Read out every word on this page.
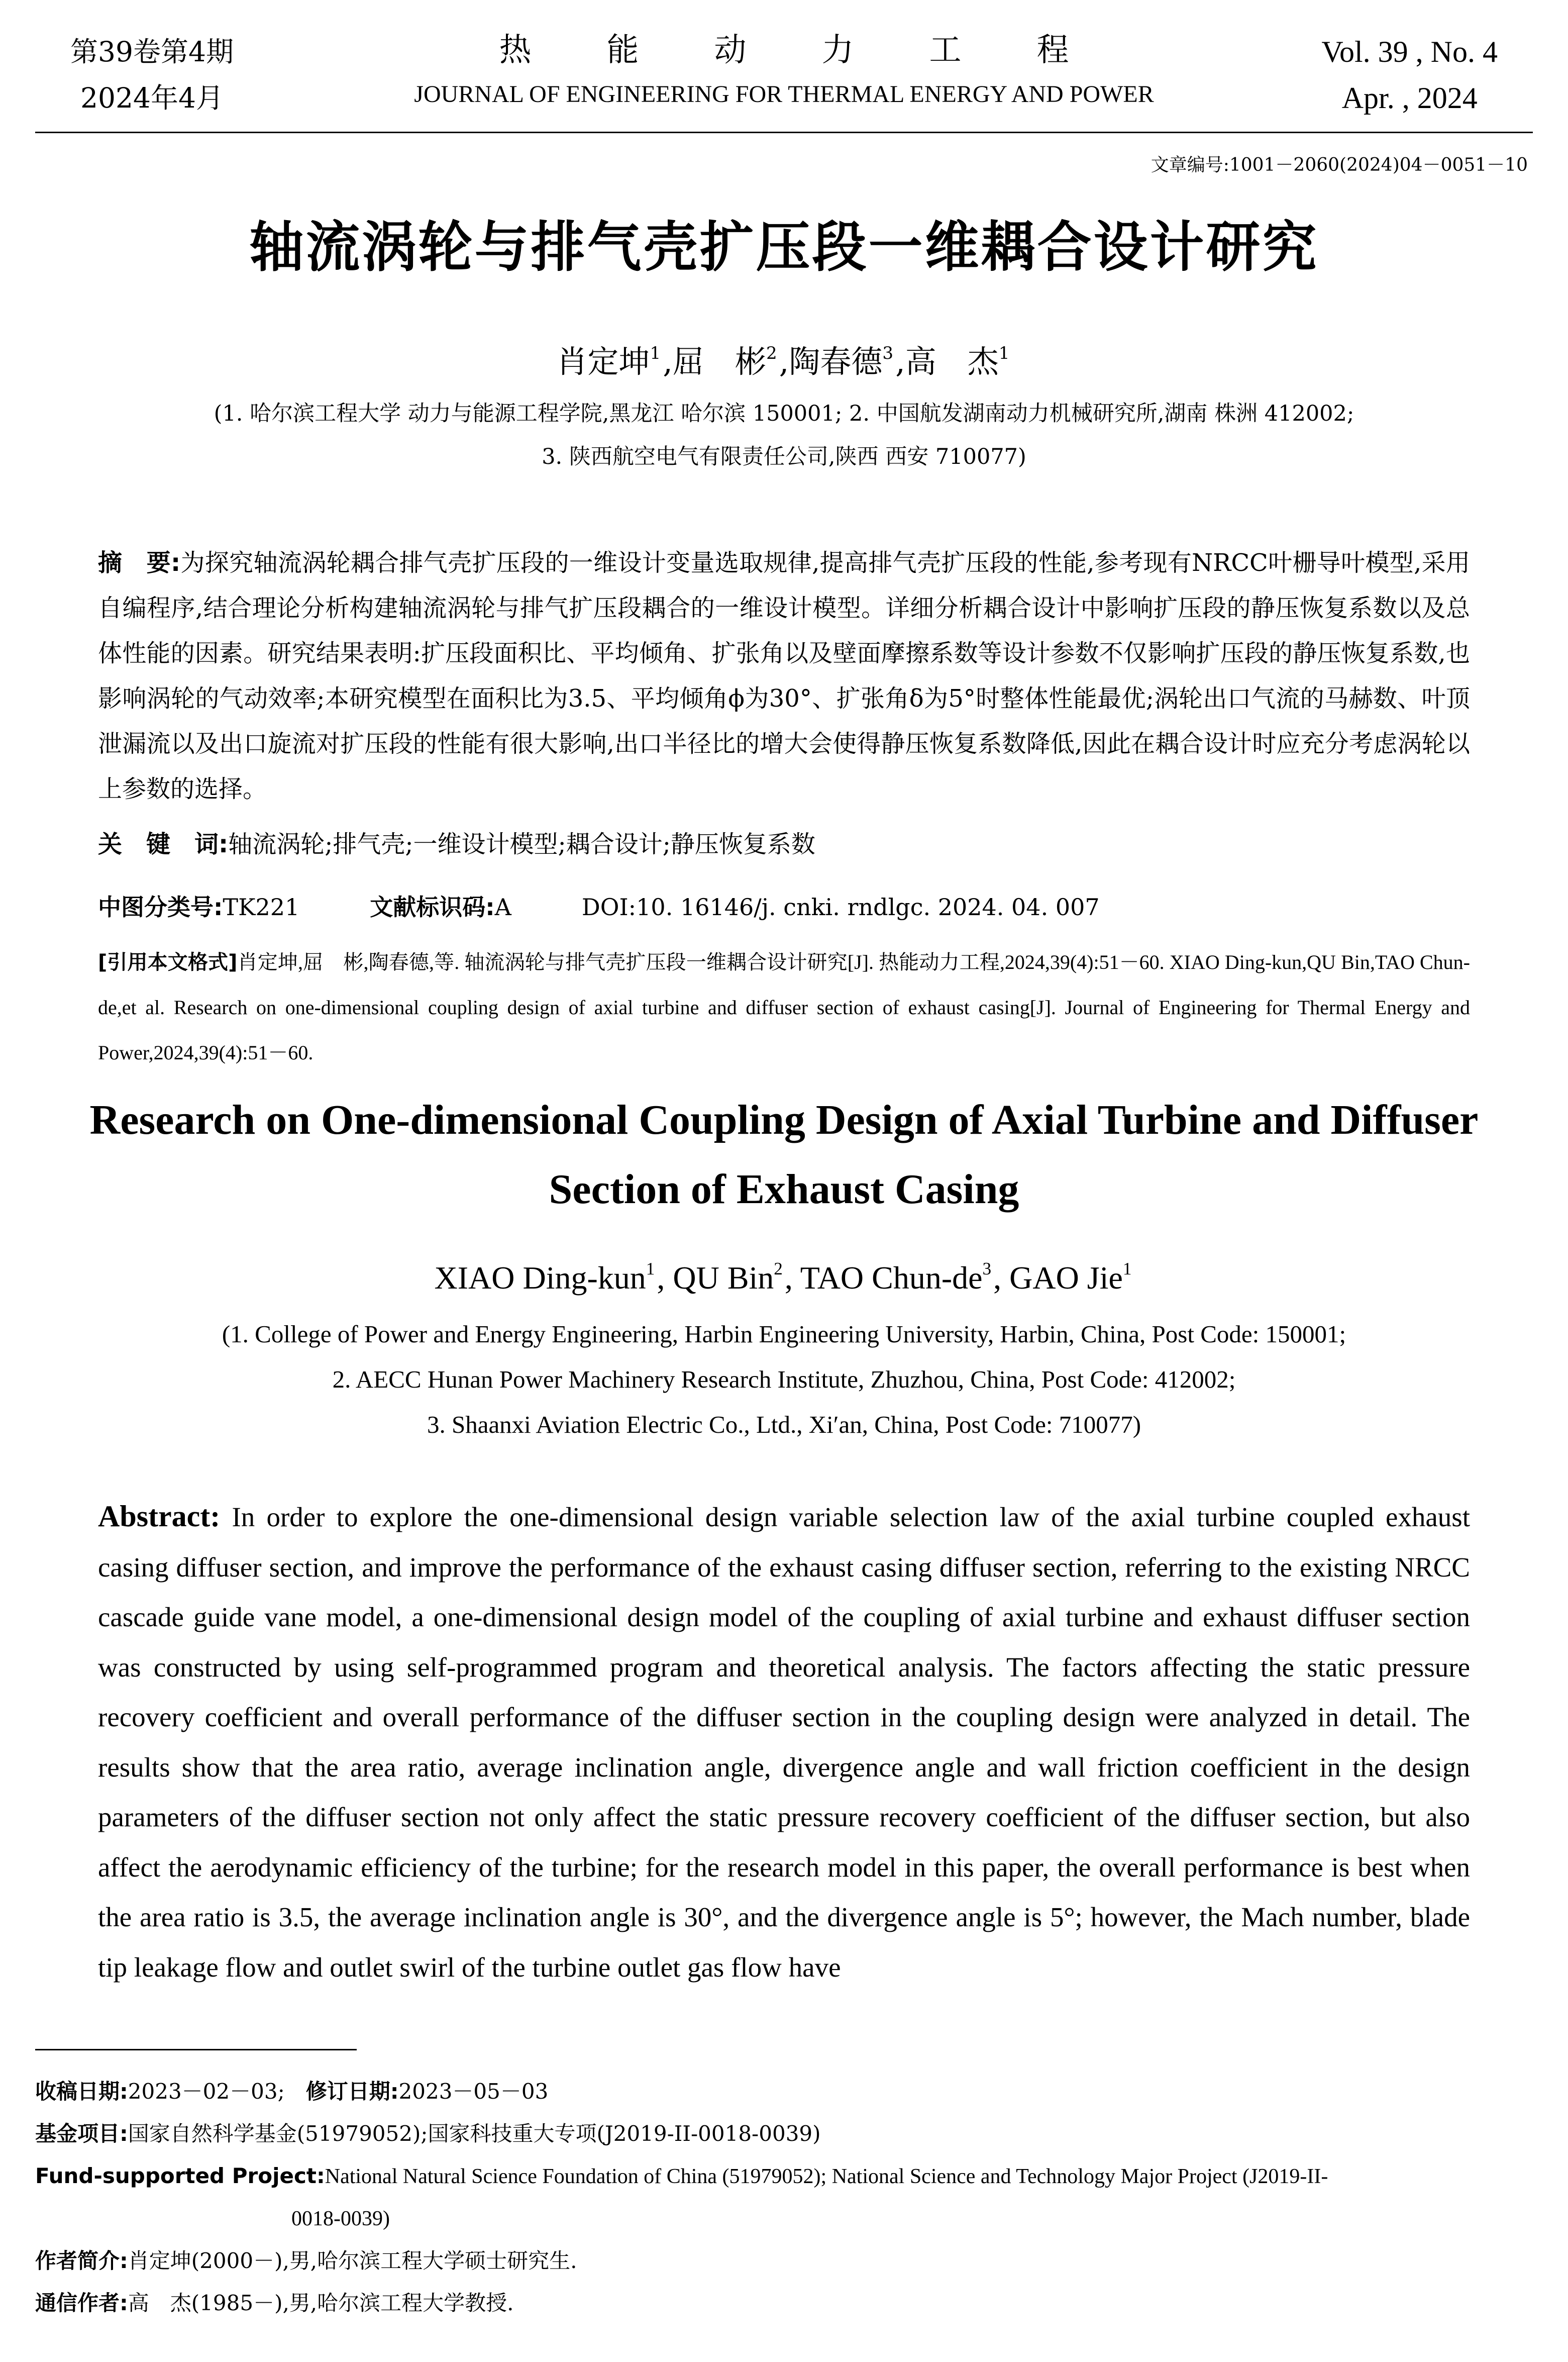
第39卷第4期
2024年4月
热能动力工程
JOURNAL OF ENGINEERING FOR THERMAL ENERGY AND POWER
Vol. 39 , No. 4
Apr. , 2024
文章编号:1001－2060(2024)04－0051－10
轴流涡轮与排气壳扩压段一维耦合设计研究
肖定坤$^1$,屈　彬$^2$,陶春德$^3$,高　杰$^1$
(1. 哈尔滨工程大学 动力与能源工程学院,黑龙江 哈尔滨 150001; 2. 中国航发湖南动力机械研究所,湖南 株洲 412002;
3. 陕西航空电气有限责任公司,陕西 西安 710077)
摘　要:为探究轴流涡轮耦合排气壳扩压段的一维设计变量选取规律,提高排气壳扩压段的性能,参考现有NRCC叶栅导叶模型,采用自编程序,结合理论分析构建轴流涡轮与排气扩压段耦合的一维设计模型。详细分析耦合设计中影响扩压段的静压恢复系数以及总体性能的因素。研究结果表明:扩压段面积比、平均倾角、扩张角以及壁面摩擦系数等设计参数不仅影响扩压段的静压恢复系数,也影响涡轮的气动效率;本研究模型在面积比为3.5、平均倾角ϕ为30°、扩张角δ为5°时整体性能最优;涡轮出口气流的马赫数、叶顶泄漏流以及出口旋流对扩压段的性能有很大影响,出口半径比的增大会使得静压恢复系数降低,因此在耦合设计时应充分考虑涡轮以上参数的选择。
关　键　词:轴流涡轮;排气壳;一维设计模型;耦合设计;静压恢复系数
中图分类号:TK221	文献标识码:A	DOI:10. 16146/j. cnki. rndlgc. 2024. 04. 007
[引用本文格式]肖定坤,屈　彬,陶春德,等. 轴流涡轮与排气壳扩压段一维耦合设计研究[J]. 热能动力工程,2024,39(4):51－60. XIAO Ding-kun,QU Bin,TAO Chun-de,et al. Research on one-dimensional coupling design of axial turbine and diffuser section of exhaust casing[J]. Journal of Engineering for Thermal Energy and Power,2024,39(4):51－60.
Research on One-dimensional Coupling Design of Axial Turbine and Diffuser Section of Exhaust Casing
XIAO Ding-kun$^1$, QU Bin$^2$, TAO Chun-$de^3$, GAO Jie$^1$
(1. College of Power and Energy Engineering, Harbin Engineering University, Harbin, China, Post Code: 150001;
2. AECC Hunan Power Machinery Research Institute, Zhuzhou, China, Post Code: 412002;
3. Shaanxi Aviation Electric Co., Ltd., Xi′an, China, Post Code: 710077)
Abstract: In order to explore the one-dimensional design variable selection law of the axial turbine coupled exhaust casing diffuser section, and improve the performance of the exhaust casing diffuser section, referring to the existing NRCC cascade guide vane model, a one-dimensional design model of the coupling of axial turbine and exhaust diffuser section was constructed by using self-programmed program and theoretical analysis. The factors affecting the static pressure recovery coefficient and overall performance of the diffuser section in the coupling design were analyzed in detail. The results show that the area ratio, average inclination angle, divergence angle and wall friction coefficient in the design parameters of the diffuser section not only affect the static pressure recovery coefficient of the diffuser section, but also affect the aerodynamic efficiency of the turbine; for the research model in this paper, the overall performance is best when the area ratio is 3.5, the average inclination angle is 30°, and the divergence angle is 5°; however, the Mach number, blade tip leakage flow and outlet swirl of the turbine outlet gas flow have
收稿日期:2023－02－03;　 修订日期:2023－05－03
基金项目:国家自然科学基金(51979052);国家科技重大专项(J2019-II-0018-0039)
Fund-supported Project:National Natural Science Foundation of China (51979052); National Science and Technology Major Project (J2019-II-
0018-0039)
作者简介:肖定坤(2000－),男,哈尔滨工程大学硕士研究生.
通信作者:高　杰(1985－),男,哈尔滨工程大学教授.
